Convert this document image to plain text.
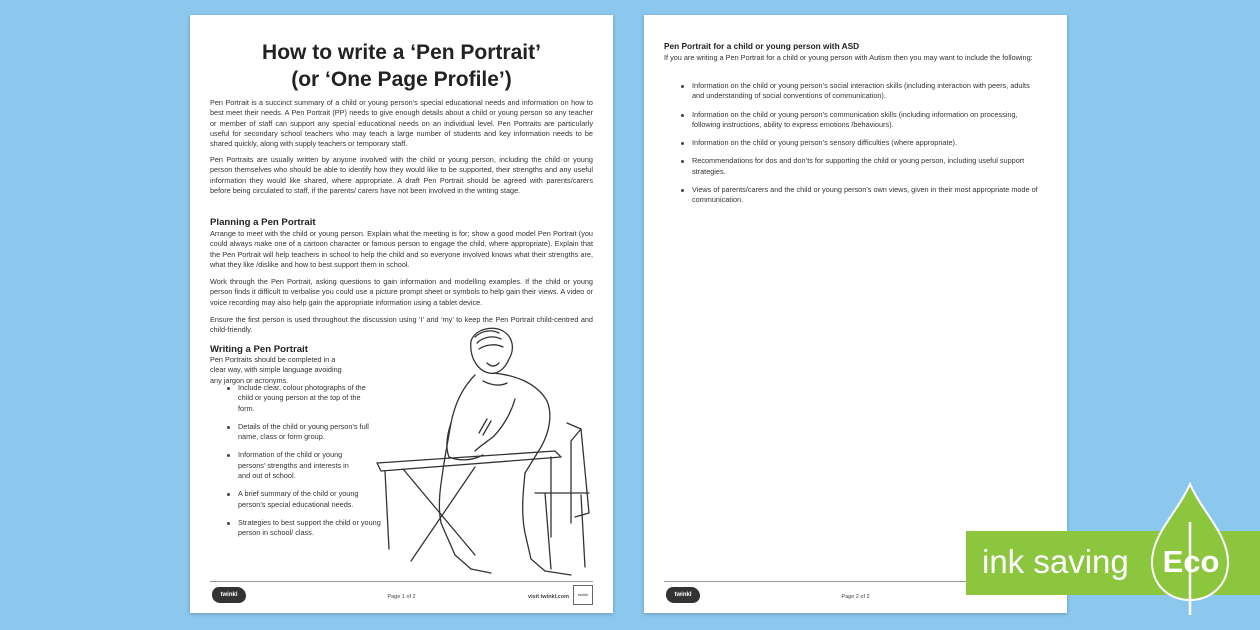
How to write a ‘Pen Portrait’
(or ‘One Page Profile’)

Pen Portrait is a succinct summary of a child or young person’s special educational needs and information on how to best meet their needs. A Pen Portrait (PP) needs to give enough details about a child or young person so any teacher or member of staff can support any special educational needs on an individual level. Pen Portraits are particularly useful for secondary school teachers who may teach a large number of students and key information needs to be shared quickly, along with supply teachers or temporary staff.

Pen Portraits are usually written by anyone involved with the child or young person, including the child or young person themselves who should be able to identify how they would like to be supported, their strengths and any useful information they would like shared, where appropriate. A draft Pen Portrait should be agreed with parents/carers before being circulated to staff, if the parents/ carers have not been involved in the writing stage.

Planning a Pen Portrait

Arrange to meet with the child or young person. Explain what the meeting is for; show a good model Pen Portrait (you could always make one of a cartoon character or famous person to engage the child, where appropriate). Explain that the Pen Portrait will help teachers in school to help the child and so everyone involved knows what their strengths are, what they like /dislike and how to best support them in school.

Work through the Pen Portrait, asking questions to gain information and modelling examples. If the child or young person finds it difficult to verbalise you could use a picture prompt sheet or symbols to help gain their views. A video or voice recording may also help gain the appropriate information using a tablet device.

Ensure the first person is used throughout the discussion using ‘I’ and ‘my’ to keep the Pen Portrait child-centred and child-friendly.

Writing a Pen Portrait

Pen Portraits should be completed in a clear way, with simple language avoiding any jargon or acronyms.

Include clear, colour photographs of the child or young person at the top of the form.
Details of the child or young person’s full name, class or form group.
Information of the child or young persons’ strengths and interests in and out of school.
A brief summary of the child or young person’s special educational needs.
Strategies to best support the child or young person in school/ class.
twinkl	Page 1 of 2	visit twinkl.com	twinkl
Pen Portrait for a child or young person with ASD

If you are writing a Pen Portrait for a child or young person with Autism then you may want to include the following:

Information on the child or young person’s social interaction skills (including interaction with peers, adults and understanding of social conventions of communication).
Information on the child or young person’s communication skills (including information on processing, following instructions, ability to express emotions /behaviours).
Information on the child or young person’s sensory difficulties (where appropriate).
Recommendations for dos and don’ts for supporting the child or young person, including useful support strategies.
Views of parents/carers and the child or young person’s own views, given in their most appropriate mode of communication.
twinkl	Page 2 of 2
ink saving Eco
